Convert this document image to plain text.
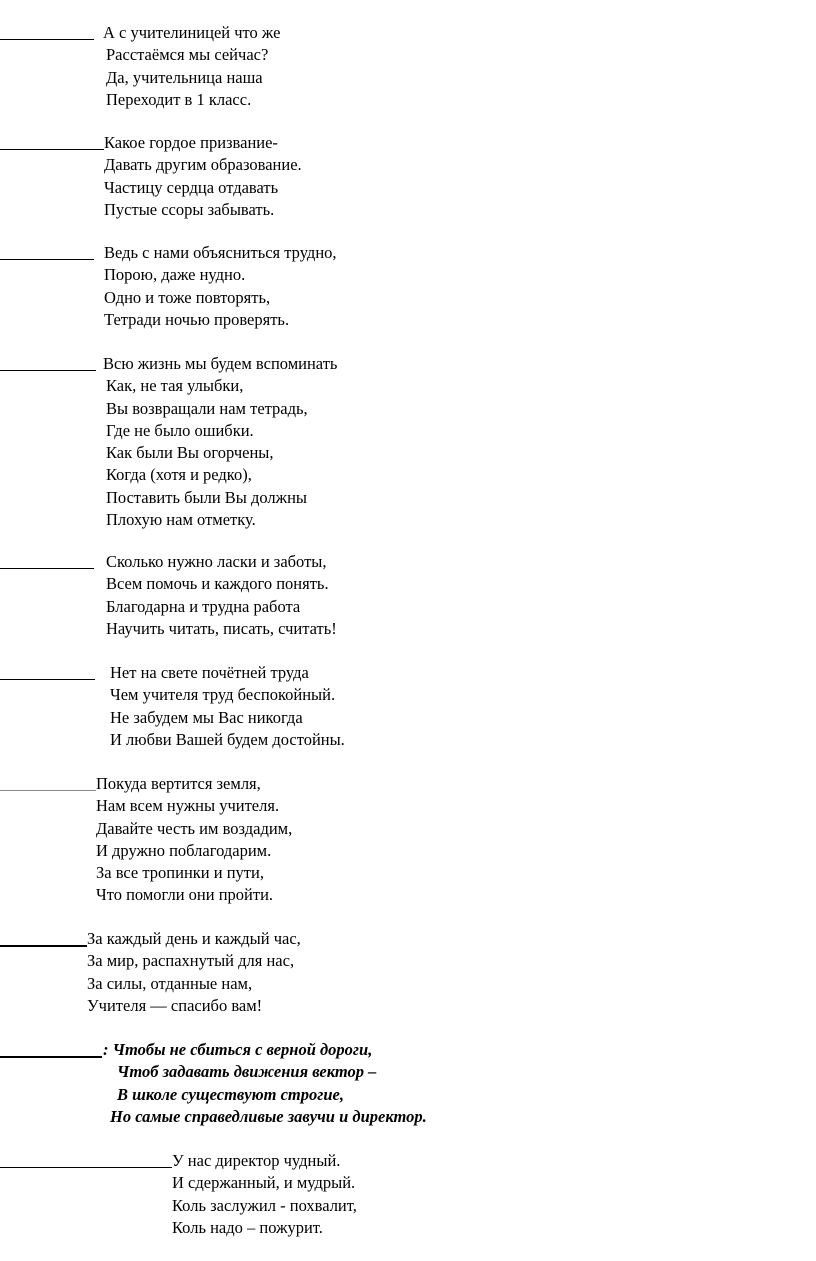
А с учителиницей что же
Расстаёмся мы сейчас?
Да, учительница наша
Переходит в 1 класс.
Какое гордое призвание-
Давать другим образование.
Частицу сердца отдавать
Пустые ссоры забывать.
Ведь с нами объясниться трудно,
Порою, даже нудно.
Одно и тоже повторять,
Тетради ночью проверять.
Всю жизнь мы будем вспоминать
Как, не тая улыбки,
Вы возвращали нам тетрадь,
Где не было ошибки.
Как были Вы огорчены,
Когда (хотя и редко),
Поставить были Вы должны
Плохую нам отметку.
Сколько нужно ласки и заботы,
Всем помочь и каждого понять.
Благодарна и трудна работа
Научить читать, писать, считать!
Нет на свете почётней труда
Чем учителя труд беспокойный.
Не забудем мы Вас никогда
И любви Вашей будем достойны.
Покуда вертится земля,
Нам всем нужны учителя.
Давайте честь им воздадим,
И дружно поблагодарим.
За все тропинки и пути,
Что помогли они пройти.
За каждый день и каждый час,
За мир, распахнутый для нас,
За силы, отданные нам,
Учителя — спасибо вам!
: Чтобы не сбиться с верной дороги,
Чтоб задавать движения вектор –
В школе существуют строгие,
Но самые справедливые завучи и директор.
У нас директор чудный.
И сдержанный, и мудрый.
Коль заслужил - похвалит,
Коль надо – пожурит.
